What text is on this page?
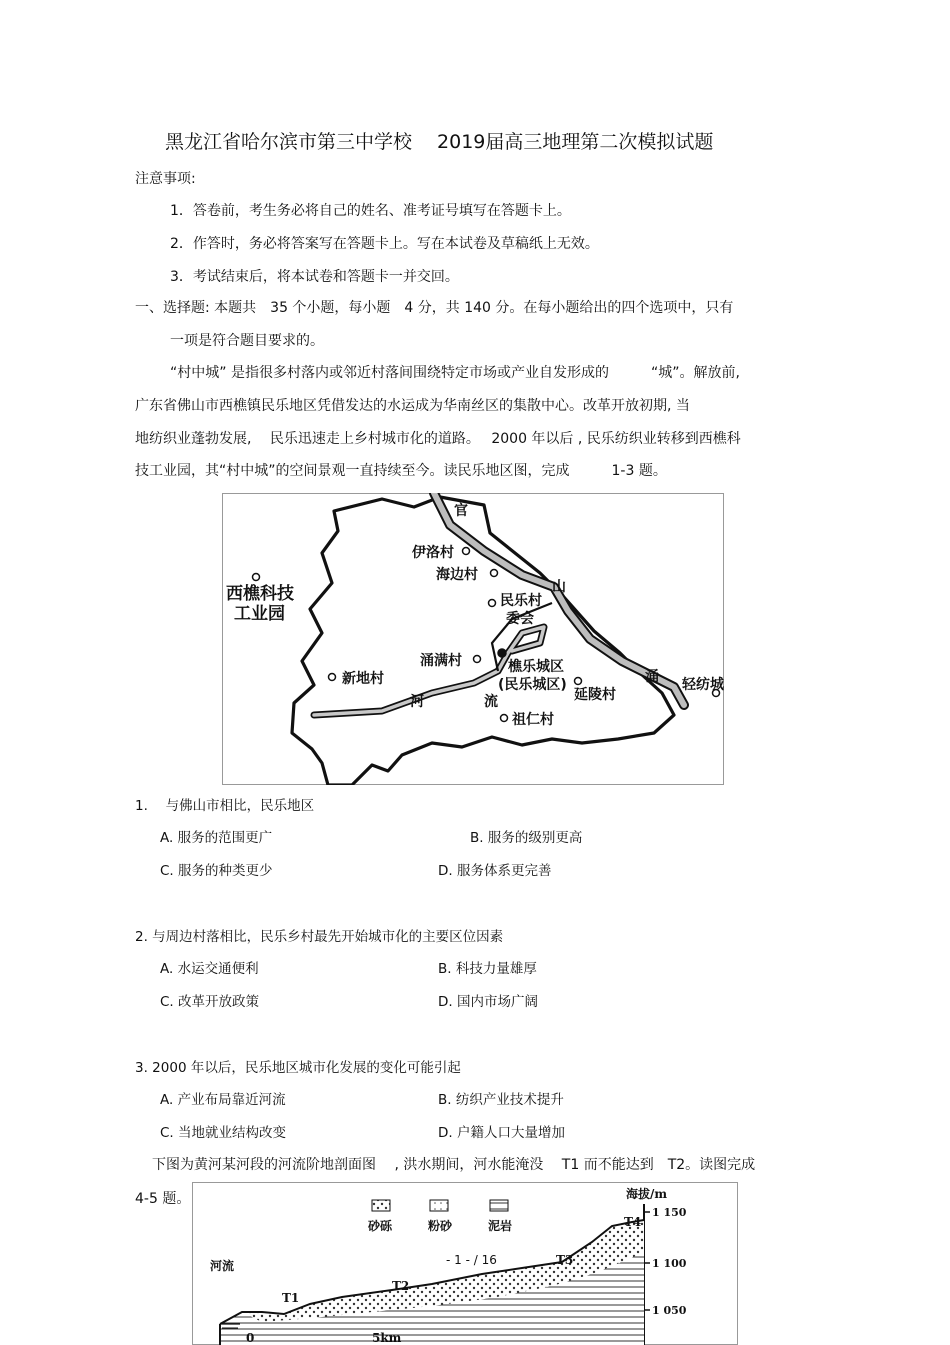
黑龙江省哈尔滨市第三中学校　 2019届高三地理第二次模拟试题
注意事项:
1．答卷前，考生务必将自己的姓名、准考证号填写在答题卡上。
2．作答时，务必将答案写在答题卡上。写在本试卷及草稿纸上无效。
3．考试结束后，将本试卷和答题卡一并交回。
一、选择题: 本题共　35 个小题，每小题　4 分，共 140 分。在每小题给出的四个选项中，只有
一项是符合题目要求的。
“村中城” 是指很多村落内或邻近村落间围绕特定市场或产业自发形成的　　　“城”。解放前,
广东省佛山市西樵镇民乐地区凭借发达的水运成为华南丝区的集散中心。改革开放初期, 当
地纺织业蓬勃发展,　 民乐迅速走上乡村城市化的道路。　 2000 年以后 , 民乐纺织业转移到西樵科
技工业园，其“村中城”的空间景观一直持续至今。读民乐地区图，完成　　　1-3 题。
官
山
涌
河	流
伊洛村
海边村
民乐村
委会
西樵科技
工业园
涌满村	樵乐城区
(民乐城区)
延陵村
新地村
祖仁村
轻纺城
1.　 与佛山市相比，民乐地区
A. 服务的范围更广	B. 服务的级别更高
C. 服务的种类更少	D. 服务体系更完善
2. 与周边村落相比，民乐乡村最先开始城市化的主要区位因素
A. 水运交通便利	B. 科技力量雄厚
C. 改革开放政策	D. 国内市场广阔
3. 2000 年以后，民乐地区城市化发展的变化可能引起
A. 产业布局靠近河流	B. 纺织产业技术提升
C. 当地就业结构改变	D. 户籍人口大量增加
下图为黄河某河段的河流阶地剖面图　 , 洪水期间，河水能淹没　 T1 而不能达到　T2。读图完成
4-5 题。	海拔/m
1 150
1 100
1 050
砂砾	粉砂	泥岩
河流
T1
T2
T3
T4
0	5km
- 1 - / 16
